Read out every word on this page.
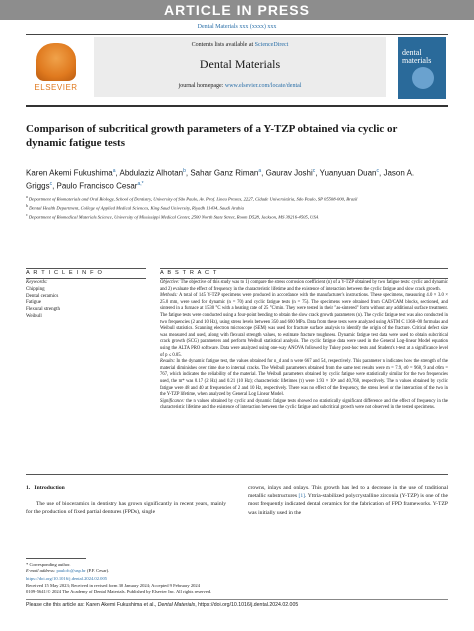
ARTICLE IN PRESS
Dental Materials xxx (xxxx) xxx
ELSEVIER
Contents lists available at ScienceDirect
Dental Materials
journal homepage: www.elsevier.com/locate/dental
dental materials
Comparison of subcritical growth parameters of a Y-TZP obtained via cyclic or dynamic fatigue tests
Karen Akemi Fukushima$^a$, Abdulaziz Alhotan$^b$, Sahar Ganz Riman$^a$, Gaurav Joshi$^c$, Yuanyuan Duan$^c$, Jason A. Griggs$^c$, Paulo Francisco Cesar$^{a,*}$
$^a$ Department of Biomaterials and Oral Biology, School of Dentistry, University of São Paulo, Av. Prof. Lineu Prestes, 2227, Cidade Universitária, São Paulo, SP 05508-000, Brazil
$^b$ Dental Health Department, College of Applied Medical Sciences, King Saud University, Riyadh 11434, Saudi Arabia
$^c$ Department of Biomedical Materials Science, University of Mississippi Medical Center, 2500 North State Street, Room D528, Jackson, MS 39216-4505, USA
A R T I C L E I N F O	A B S T R A C T
Keywords:
Chipping
Dental ceramics
Fatigue
Flexural strength
Weibull

Objective: The objective of this study was to 1) compare the stress corrosion coefficient (n) of a Y-TZP obtained by two fatigue tests: cyclic and dynamic and 2) evaluate the effect of frequency in the characteristic lifetime and the existence of interaction between the cyclic fatigue and slow crack growth.

Methods: A total of 145 Y-TZP specimens were produced in accordance with the manufacturer's instructions. These specimens, measuring 4.0 × 3.0 × 25.0 mm, were used for dynamic (n = 70) and cyclic fatigue tests (n = 75). The specimens were obtained from CAD/CAM blocks, sectioned, and sintered in a furnace at 1530 °C with a heating rate of 25 °C/min. They were tested in their "as-sintered" form without any additional surface treatment. The fatigue tests were conducted using a four-point bending to obtain the slow crack growth parameters (n). The cyclic fatigue test was also conducted in two frequencies (2 and 10 Hz), using stress levels between 350 and 600 MPa. Data from these tests were analyzed using ASTM C 1368–00 formulas and Weibull statistics. Scanning electron microscope (SEM) was used for fracture surface analysis to identify the origin of the fracture. Critical defect size was measured and used, along with flexural strength values, to estimate fracture toughness. Dynamic fatigue test data were used to obtain subcritical crack growth (SCG) parameters and perform Weibull statistical analysis. The cyclic fatigue data were used in the General Log-linear Model equation using the ALTA PRO software. Data were analyzed using one-way ANOVA followed by Tukey post-hoc tests and Student's t-test at a significance level of p ≤ 0.05.

Results: In the dynamic fatigue test, the values obtained for n_d and n were 667 and 54, respectively. This parameter n indicates how the strength of the material diminishes over time due to internal cracks. The Weibull parameters obtained from the same test results were m = 7.9, σ0 = 968, 9 and σ0m = 767, which indicates the reliability of the material. The Weibull parameters obtained by cyclic fatigue were statistically similar for the two frequencies used, the m* was 0.17 (2 Hz) and 0.21 (10 Hz); characteristic lifetimes (τ) were 1.93 × 10⁶ and 40,768, respectively. The n values obtained by cyclic fatigue were 48 and 40 at frequencies of 2 and 10 Hz, respectively. There was no effect of the frequency, the stress level or the interaction of the two in the Y-TZP lifetime, when analyzed by General Log Linear Model.

Significance: the n values obtained by cyclic and dynamic fatigue tests showed no statistically significant difference and the effect of frequency in the characteristic lifetime and the existence of interaction between the cyclic fatigue and subcritical growth were not observed in the tested specimens.

1. Introduction
The use of bioceramics in dentistry has grown significantly in recent years, mainly for the production of fixed partial dentures (FPDs), single
crowns, inlays and onlays. This growth has led to a decrease in the use of traditional metallic substructures [1]. Yttria-stabilized polycrystalline zirconia (Y-TZP) is one of the most frequently indicated dental ceramics for the fabrication of FPD frameworks. Y-TZP was initially used in the
* Corresponding author.
E-mail address: paulofc@usp.br (P.F. Cesar).
https://doi.org/10.1016/j.dental.2024.02.005
Received 15 May 2023; Received in revised form 30 January 2024; Accepted 9 February 2024
0109-5641/© 2024 The Academy of Dental Materials. Published by Elsevier Inc. All rights reserved.
Please cite this article as: Karen Akemi Fukushima et al., Dental Materials, https://doi.org/10.1016/j.dental.2024.02.005
